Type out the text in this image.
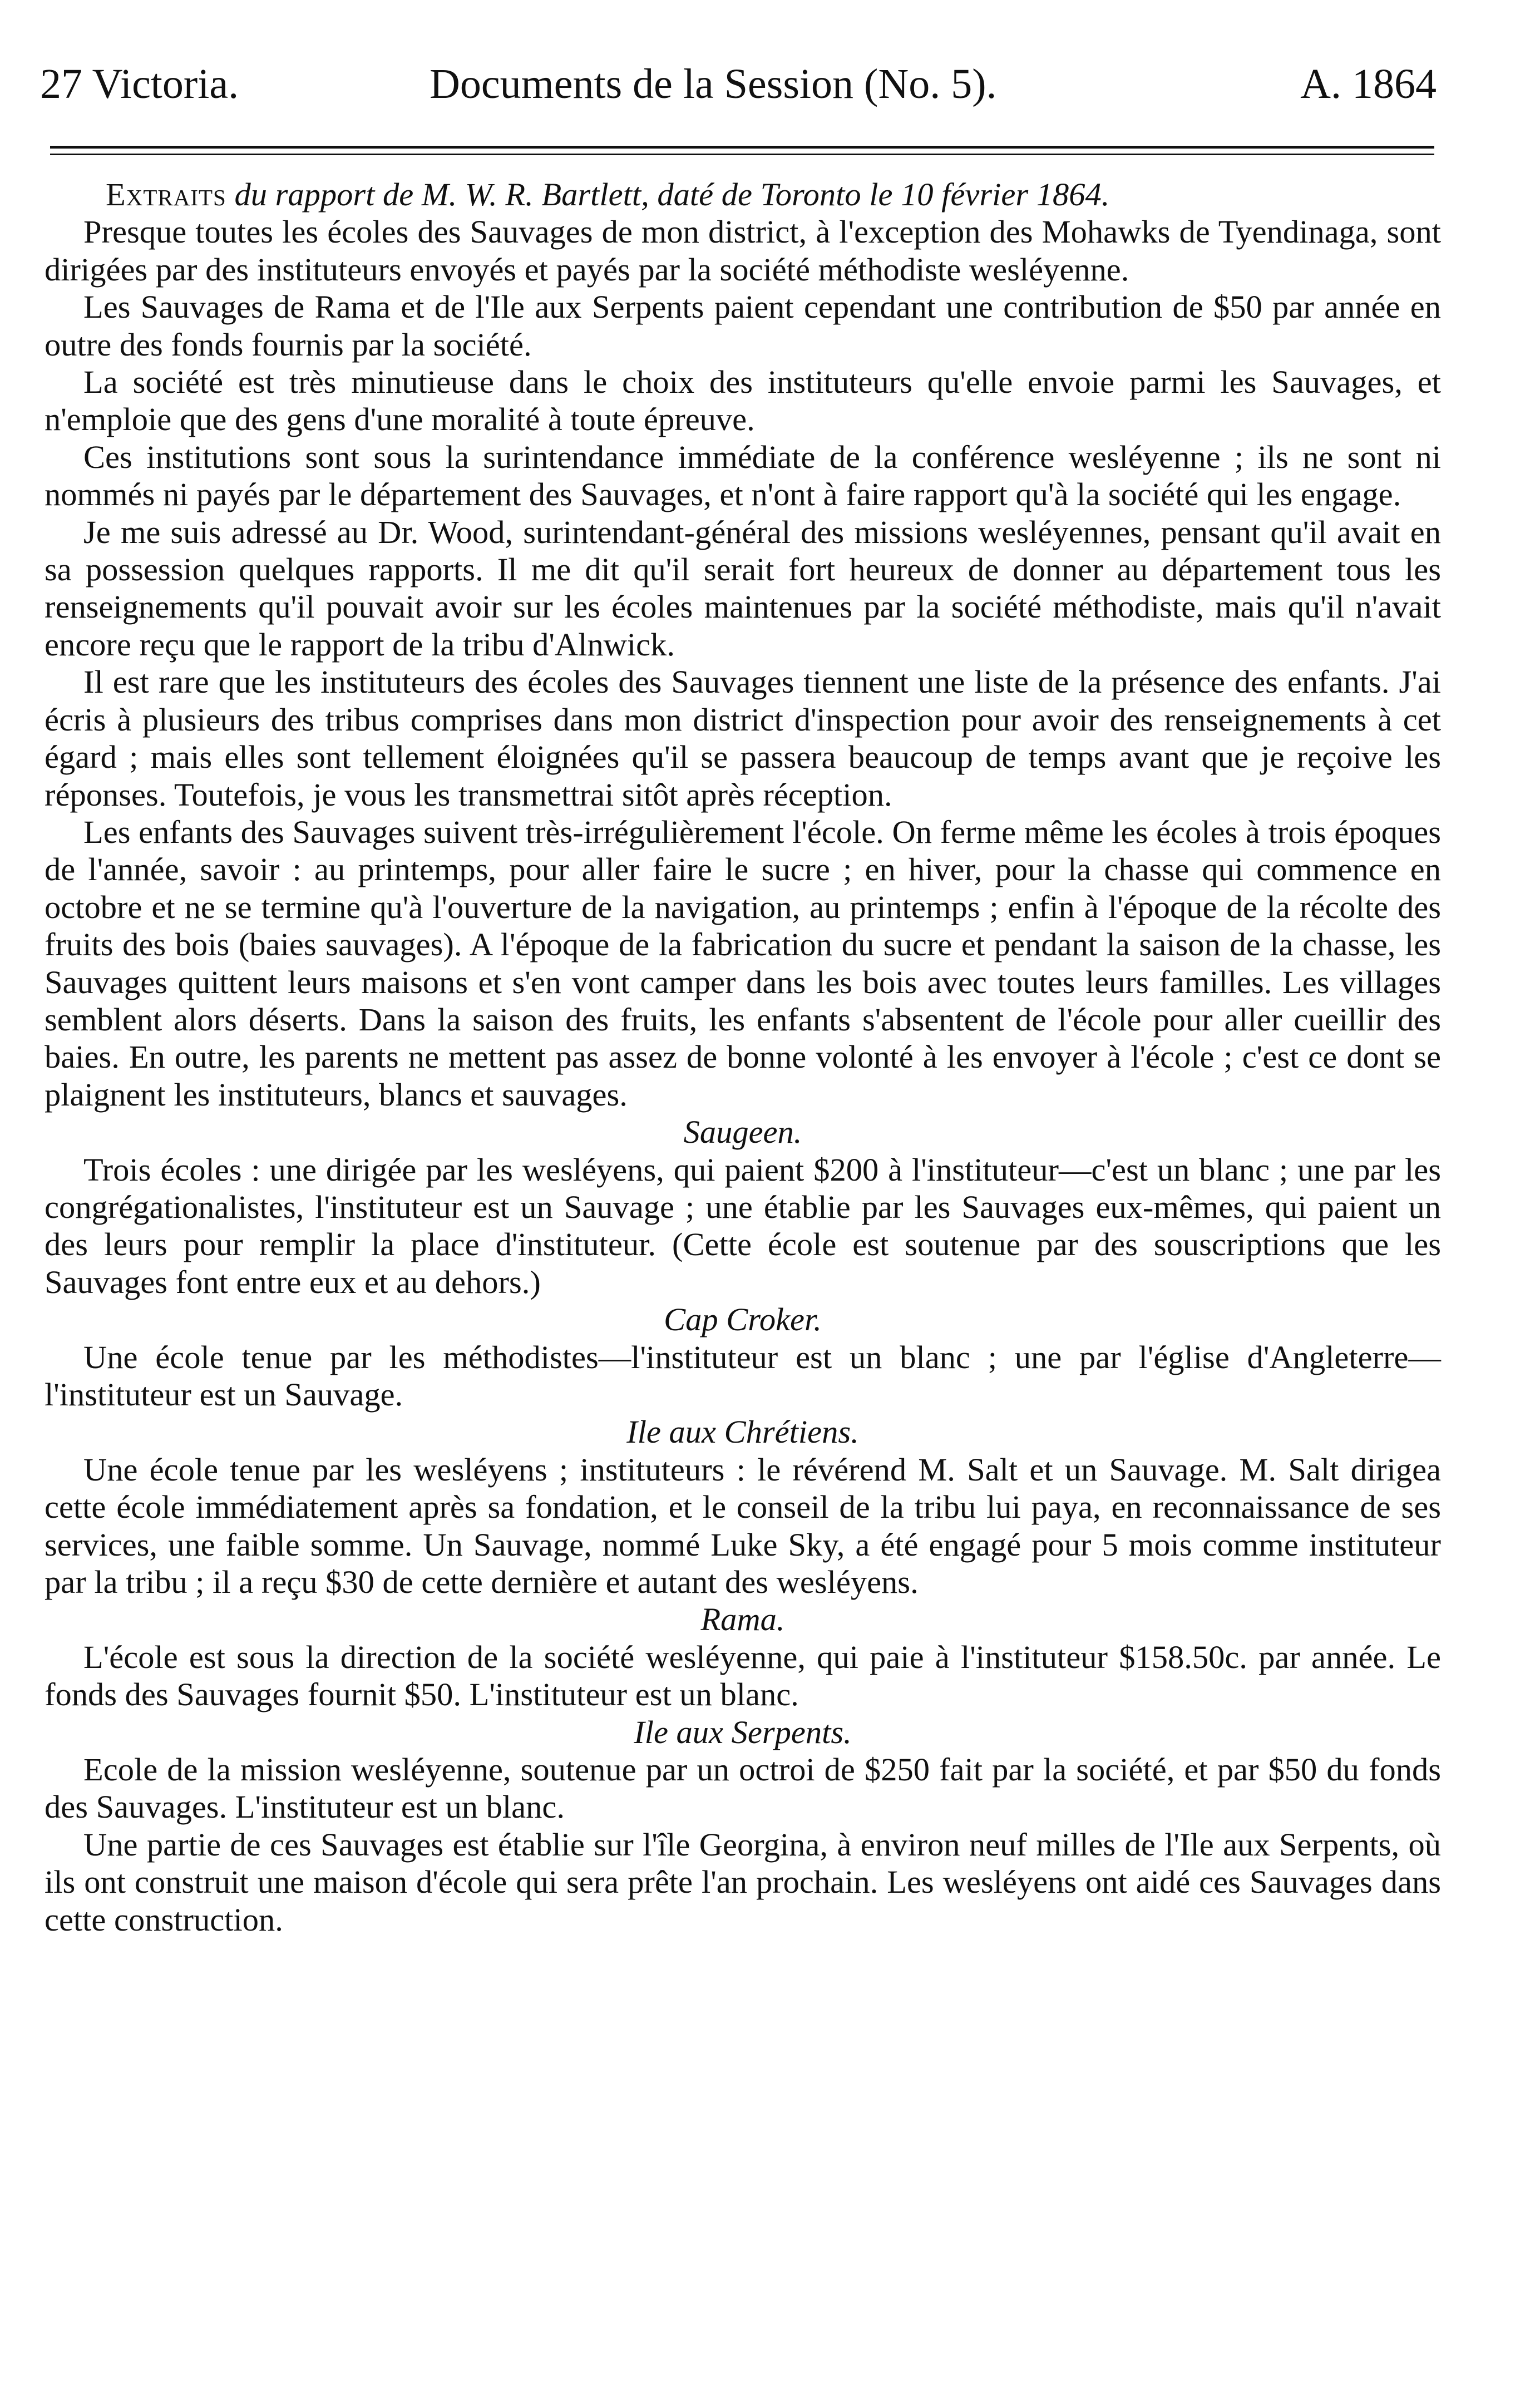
27 Victoria.	Documents de la Session (No. 5).	A. 1864

Extraits du rapport de M. W. R. Bartlett, daté de Toronto le 10 février 1864.

Presque toutes les écoles des Sauvages de mon district, à l'exception des Mohawks de Tyendinaga, sont dirigées par des instituteurs envoyés et payés par la société méthodiste wesléyenne.

Les Sauvages de Rama et de l'Ile aux Serpents paient cependant une contribution de $50 par année en outre des fonds fournis par la société.

La société est très minutieuse dans le choix des instituteurs qu'elle envoie parmi les Sauvages, et n'emploie que des gens d'une moralité à toute épreuve.

Ces institutions sont sous la surintendance immédiate de la conférence wesléyenne ; ils ne sont ni nommés ni payés par le département des Sauvages, et n'ont à faire rapport qu'à la société qui les engage.

Je me suis adressé au Dr. Wood, surintendant-général des missions wesléyennes, pensant qu'il avait en sa possession quelques rapports. Il me dit qu'il serait fort heureux de donner au département tous les renseignements qu'il pouvait avoir sur les écoles maintenues par la société méthodiste, mais qu'il n'avait encore reçu que le rapport de la tribu d'Alnwick.

Il est rare que les instituteurs des écoles des Sauvages tiennent une liste de la présence des enfants. J'ai écris à plusieurs des tribus comprises dans mon district d'inspection pour avoir des renseignements à cet égard ; mais elles sont tellement éloignées qu'il se passera beaucoup de temps avant que je reçoive les réponses. Toutefois, je vous les transmettrai sitôt après réception.

Les enfants des Sauvages suivent très-irrégulièrement l'école. On ferme même les écoles à trois époques de l'année, savoir : au printemps, pour aller faire le sucre ; en hiver, pour la chasse qui commence en octobre et ne se termine qu'à l'ouverture de la navigation, au printemps ; enfin à l'époque de la récolte des fruits des bois (baies sauvages). A l'époque de la fabrication du sucre et pendant la saison de la chasse, les Sauvages quittent leurs maisons et s'en vont camper dans les bois avec toutes leurs familles. Les villages semblent alors déserts. Dans la saison des fruits, les enfants s'absentent de l'école pour aller cueillir des baies. En outre, les parents ne mettent pas assez de bonne volonté à les envoyer à l'école ; c'est ce dont se plaignent les instituteurs, blancs et sauvages.

Saugeen.

Trois écoles : une dirigée par les wesléyens, qui paient $200 à l'instituteur—c'est un blanc ; une par les congrégationalistes, l'instituteur est un Sauvage ; une établie par les Sauvages eux-mêmes, qui paient un des leurs pour remplir la place d'instituteur. (Cette école est soutenue par des souscriptions que les Sauvages font entre eux et au dehors.)

Cap Croker.

Une école tenue par les méthodistes—l'instituteur est un blanc ; une par l'église d'Angleterre—l'instituteur est un Sauvage.

Ile aux Chrétiens.

Une école tenue par les wesléyens ; instituteurs : le révérend M. Salt et un Sauvage. M. Salt dirigea cette école immédiatement après sa fondation, et le conseil de la tribu lui paya, en reconnaissance de ses services, une faible somme. Un Sauvage, nommé Luke Sky, a été engagé pour 5 mois comme instituteur par la tribu ; il a reçu $30 de cette dernière et autant des wesléyens.

Rama.

L'école est sous la direction de la société wesléyenne, qui paie à l'instituteur $158.50c. par année. Le fonds des Sauvages fournit $50. L'instituteur est un blanc.

Ile aux Serpents.

Ecole de la mission wesléyenne, soutenue par un octroi de $250 fait par la société, et par $50 du fonds des Sauvages. L'instituteur est un blanc.

Une partie de ces Sauvages est établie sur l'île Georgina, à environ neuf milles de l'Ile aux Serpents, où ils ont construit une maison d'école qui sera prête l'an prochain. Les wesléyens ont aidé ces Sauvages dans cette construction.
